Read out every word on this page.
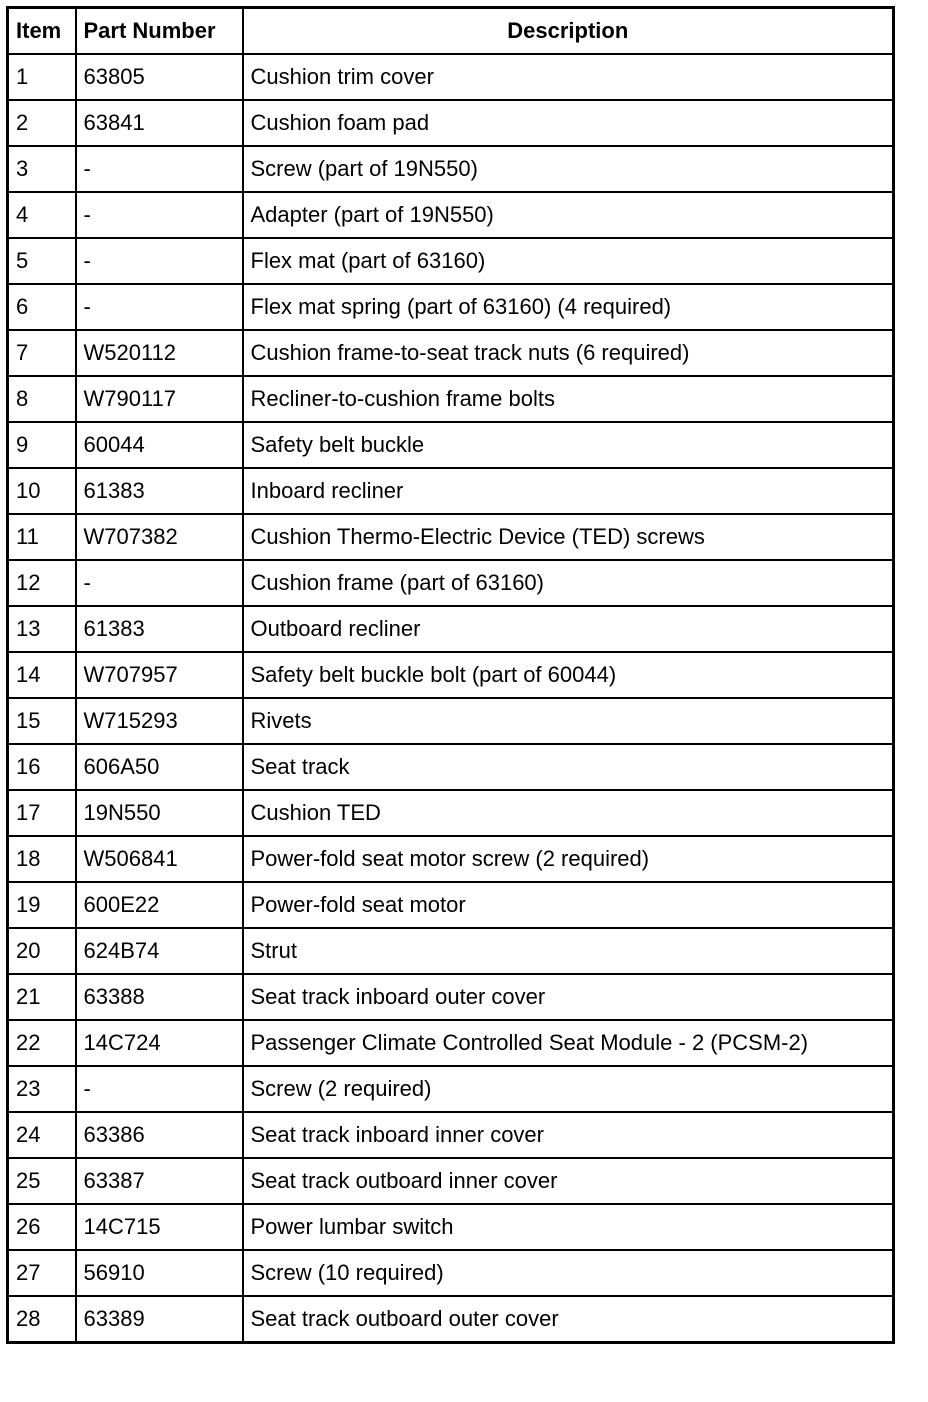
Item	Part Number	Description
1	63805	Cushion trim cover
2	63841	Cushion foam pad
3	-	Screw (part of 19N550)
4	-	Adapter (part of 19N550)
5	-	Flex mat (part of 63160)
6	-	Flex mat spring (part of 63160) (4 required)
7	W520112	Cushion frame-to-seat track nuts (6 required)
8	W790117	Recliner-to-cushion frame bolts
9	60044	Safety belt buckle
10	61383	Inboard recliner
11	W707382	Cushion Thermo-Electric Device (TED) screws
12	-	Cushion frame (part of 63160)
13	61383	Outboard recliner
14	W707957	Safety belt buckle bolt (part of 60044)
15	W715293	Rivets
16	606A50	Seat track
17	19N550	Cushion TED
18	W506841	Power-fold seat motor screw (2 required)
19	600E22	Power-fold seat motor
20	624B74	Strut
21	63388	Seat track inboard outer cover
22	14C724	Passenger Climate Controlled Seat Module - 2 (PCSM-2)
23	-	Screw (2 required)
24	63386	Seat track inboard inner cover
25	63387	Seat track outboard inner cover
26	14C715	Power lumbar switch
27	56910	Screw (10 required)
28	63389	Seat track outboard outer cover
